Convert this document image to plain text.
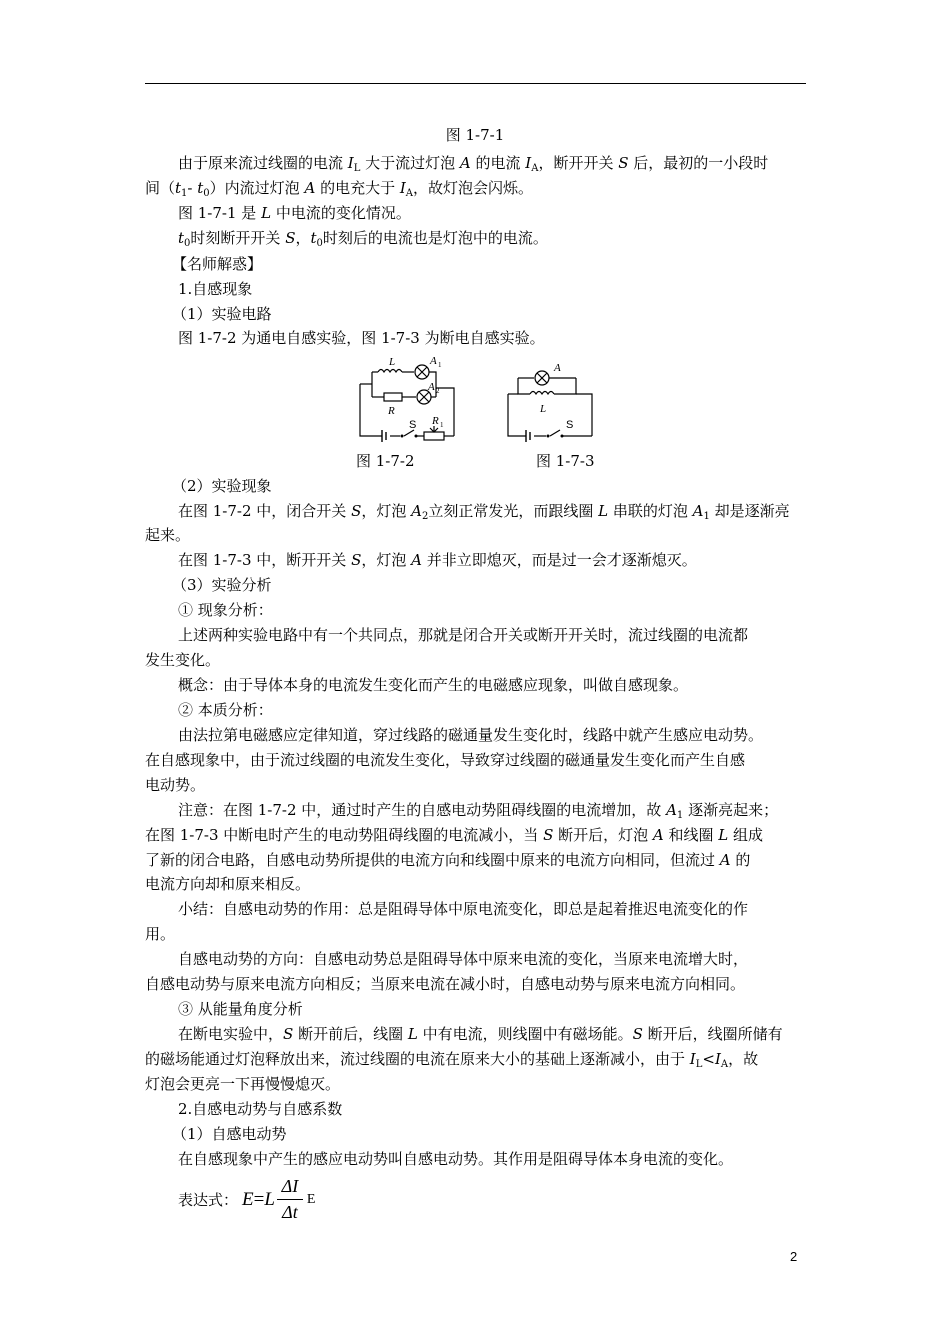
图 1-7-1
由于原来流过线圈的电流 $I_L$ 大于流过灯泡 A 的电流 $I_A$，断开开关 S 后，最初的一小段时
间（$t_1-$ $t_0$）内流过灯泡 A 的电充大于 $I_A$，故灯泡会闪烁。
图 1-7-1 是 L 中电流的变化情况。
$t_0$时刻断开开关 S，$t_0$时刻后的电流也是灯泡中的电流。
【名师解惑】
1.自感现象
（1）实验电路
图 1-7-2 为通电自感实验，图 1-7-3 为断电自感实验。
L	A 1
A 2
R
S R 1
A
L
S
图 1-7-2	图 1-7-3
（2）实验现象
在图 1-7-2 中，闭合开关 S，灯泡 $A_2$立刻正常发光，而跟线圈 L 串联的灯泡 $A_1$ 却是逐渐亮
起来。
在图 1-7-3 中，断开开关 S，灯泡 A 并非立即熄灭，而是过一会才逐渐熄灭。
（3）实验分析
① 现象分析：
上述两种实验电路中有一个共同点，那就是闭合开关或断开开关时，流过线圈的电流都
发生变化。
概念：由于导体本身的电流发生变化而产生的电磁感应现象，叫做自感现象。
② 本质分析：
由法拉第电磁感应定律知道，穿过线路的磁通量发生变化时，线路中就产生感应电动势。
在自感现象中，由于流过线圈的电流发生变化，导致穿过线圈的磁通量发生变化而产生自感
电动势。
注意：在图 1-7-2 中，通过时产生的自感电动势阻碍线圈的电流增加，故 $A_1$ 逐渐亮起来；
在图 1-7-3 中断电时产生的电动势阻碍线圈的电流减小，当 S 断开后，灯泡 A 和线圈 L 组成
了新的闭合电路，自感电动势所提供的电流方向和线圈中原来的电流方向相同，但流过 A 的
电流方向却和原来相反。
小结：自感电动势的作用：总是阻碍导体中原电流变化，即总是起着推迟电流变化的作
用。
自感电动势的方向：自感电动势总是阻碍导体中原来电流的变化，当原来电流增大时，
自感电动势与原来电流方向相反；当原来电流在减小时，自感电动势与原来电流方向相同。
③ 从能量角度分析
在断电实验中，S 断开前后，线圈 L 中有电流，则线圈中有磁场能。S 断开后，线圈所储有
的磁场能通过灯泡释放出来，流过线圈的电流在原来大小的基础上逐渐减小，由于 $I_L<I_A$，故
灯泡会更亮一下再慢慢熄灭。
2.自感电动势与自感系数
（1）自感电动势
在自感现象中产生的感应电动势叫自感电动势。其作用是阻碍导体本身电流的变化。
表达式： E = L $\frac{\Delta I}{\Delta t}$ E
2
